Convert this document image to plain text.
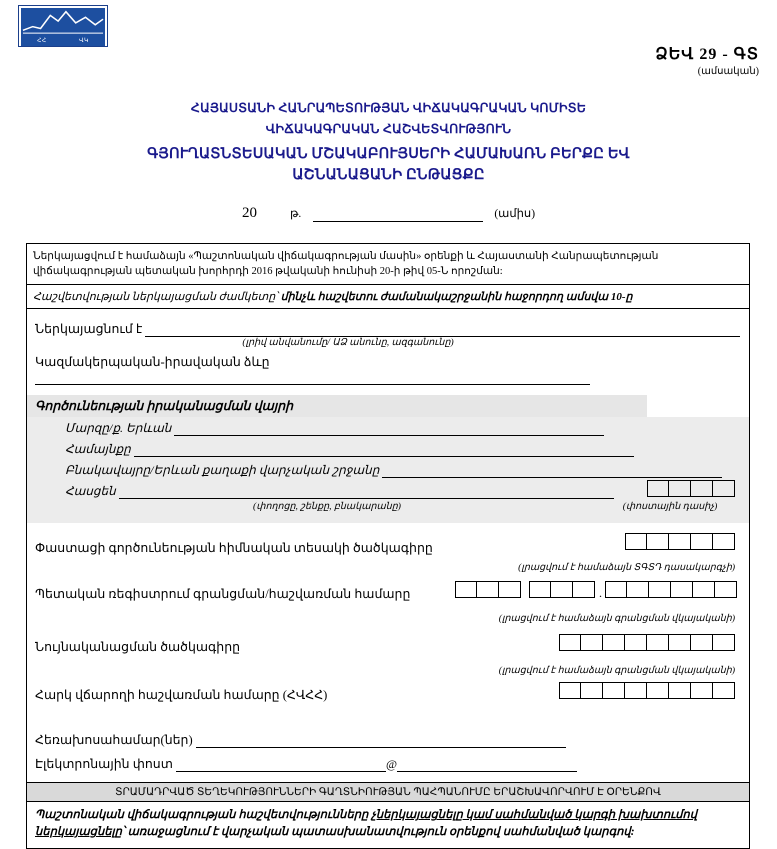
ՀՀ	ՎԿ
ՁԵՎ 29 - ԳՏ
(ամսական)
ՀԱՅԱՍՏԱՆԻ ՀԱՆՐԱՊԵՏՈՒԹՅԱՆ ՎԻՃԱԿԱԳՐԱԿԱՆ ԿՈՄԻՏԵ
ՎԻՃԱԿԱԳՐԱԿԱՆ ՀԱՇՎԵՏՎՈՒԹՅՈՒՆ
ԳՅՈՒՂԱՏՆՏԵՍԱԿԱՆ ՄՇԱԿԱԲՈՒՅՍԵՐԻ ՀԱՄԱԽԱՌՆ ԲԵՐՔԸ ԵՎ
ԱՇՆԱՆԱՑԱՆԻ ԸՆԹԱՑՔԸ
20	թ.	(ամիս)
Ներկայացվում է համաձայն «Պաշտոնական վիճակագրության մասին» օրենքի և Հայաստանի Հանրապետության վիճակագրության պետական խորհրդի 2016 թվականի հունիսի 20-ի թիվ 05-Ն որոշման:
Հաշվետվության ներկայացման ժամկետը՝ մինչև հաշվետու ժամանակաշրջանին հաջորդող ամսվա 10-ը
Ներկայացնում է
(լրիվ անվանումը/ ԱՁ անունը, ազգանունը)
Կազմակերպական-իրավական ձևը
Գործունեության իրականացման վայրի
Մարզը/ք. Երևան
Համայնքը
Բնակավայրը/Երևան քաղաքի վարչական շրջանը
Հասցեն
(փողոցը, շենքը, բնակարանը)	(փոստային դասիչ)
Փաստացի գործունեության հիմնական տեսակի ծածկագիրը
(լրացվում է համաձայն ՏԳՏԴ դասակարգչի)
Պետական ռեգիստրում գրանցման/հաշվառման համարը	.
(լրացվում է համաձայն գրանցման վկայականի)
Նույնականացման ծածկագիրը
(լրացվում է համաձայն գրանցման վկայականի)
Հարկ վճարողի հաշվառման համարը (ՀՎՀՀ)
Հեռախոսահամար(ներ)
Էլեկտրոնային փոստ	@
ՏՐԱՄԱԴՐՎԱԾ ՏԵՂԵԿՈՒԹՅՈՒՆՆԵՐԻ ԳԱՂՏՆԻՈՒԹՅԱՆ ՊԱՀՊԱՆՈՒՄԸ ԵՐԱՇԽԱՎՈՐՎՈՒՄ Է ՕՐԵՆՔՈՎ
Պաշտոնական վիճակագրության հաշվետվությունները չներկայացնելը կամ սահմանված կարգի խախտումով ներկայացնելը՝ առաջացնում է վարչական պատասխանատվություն օրենքով սահմանված կարգով:
